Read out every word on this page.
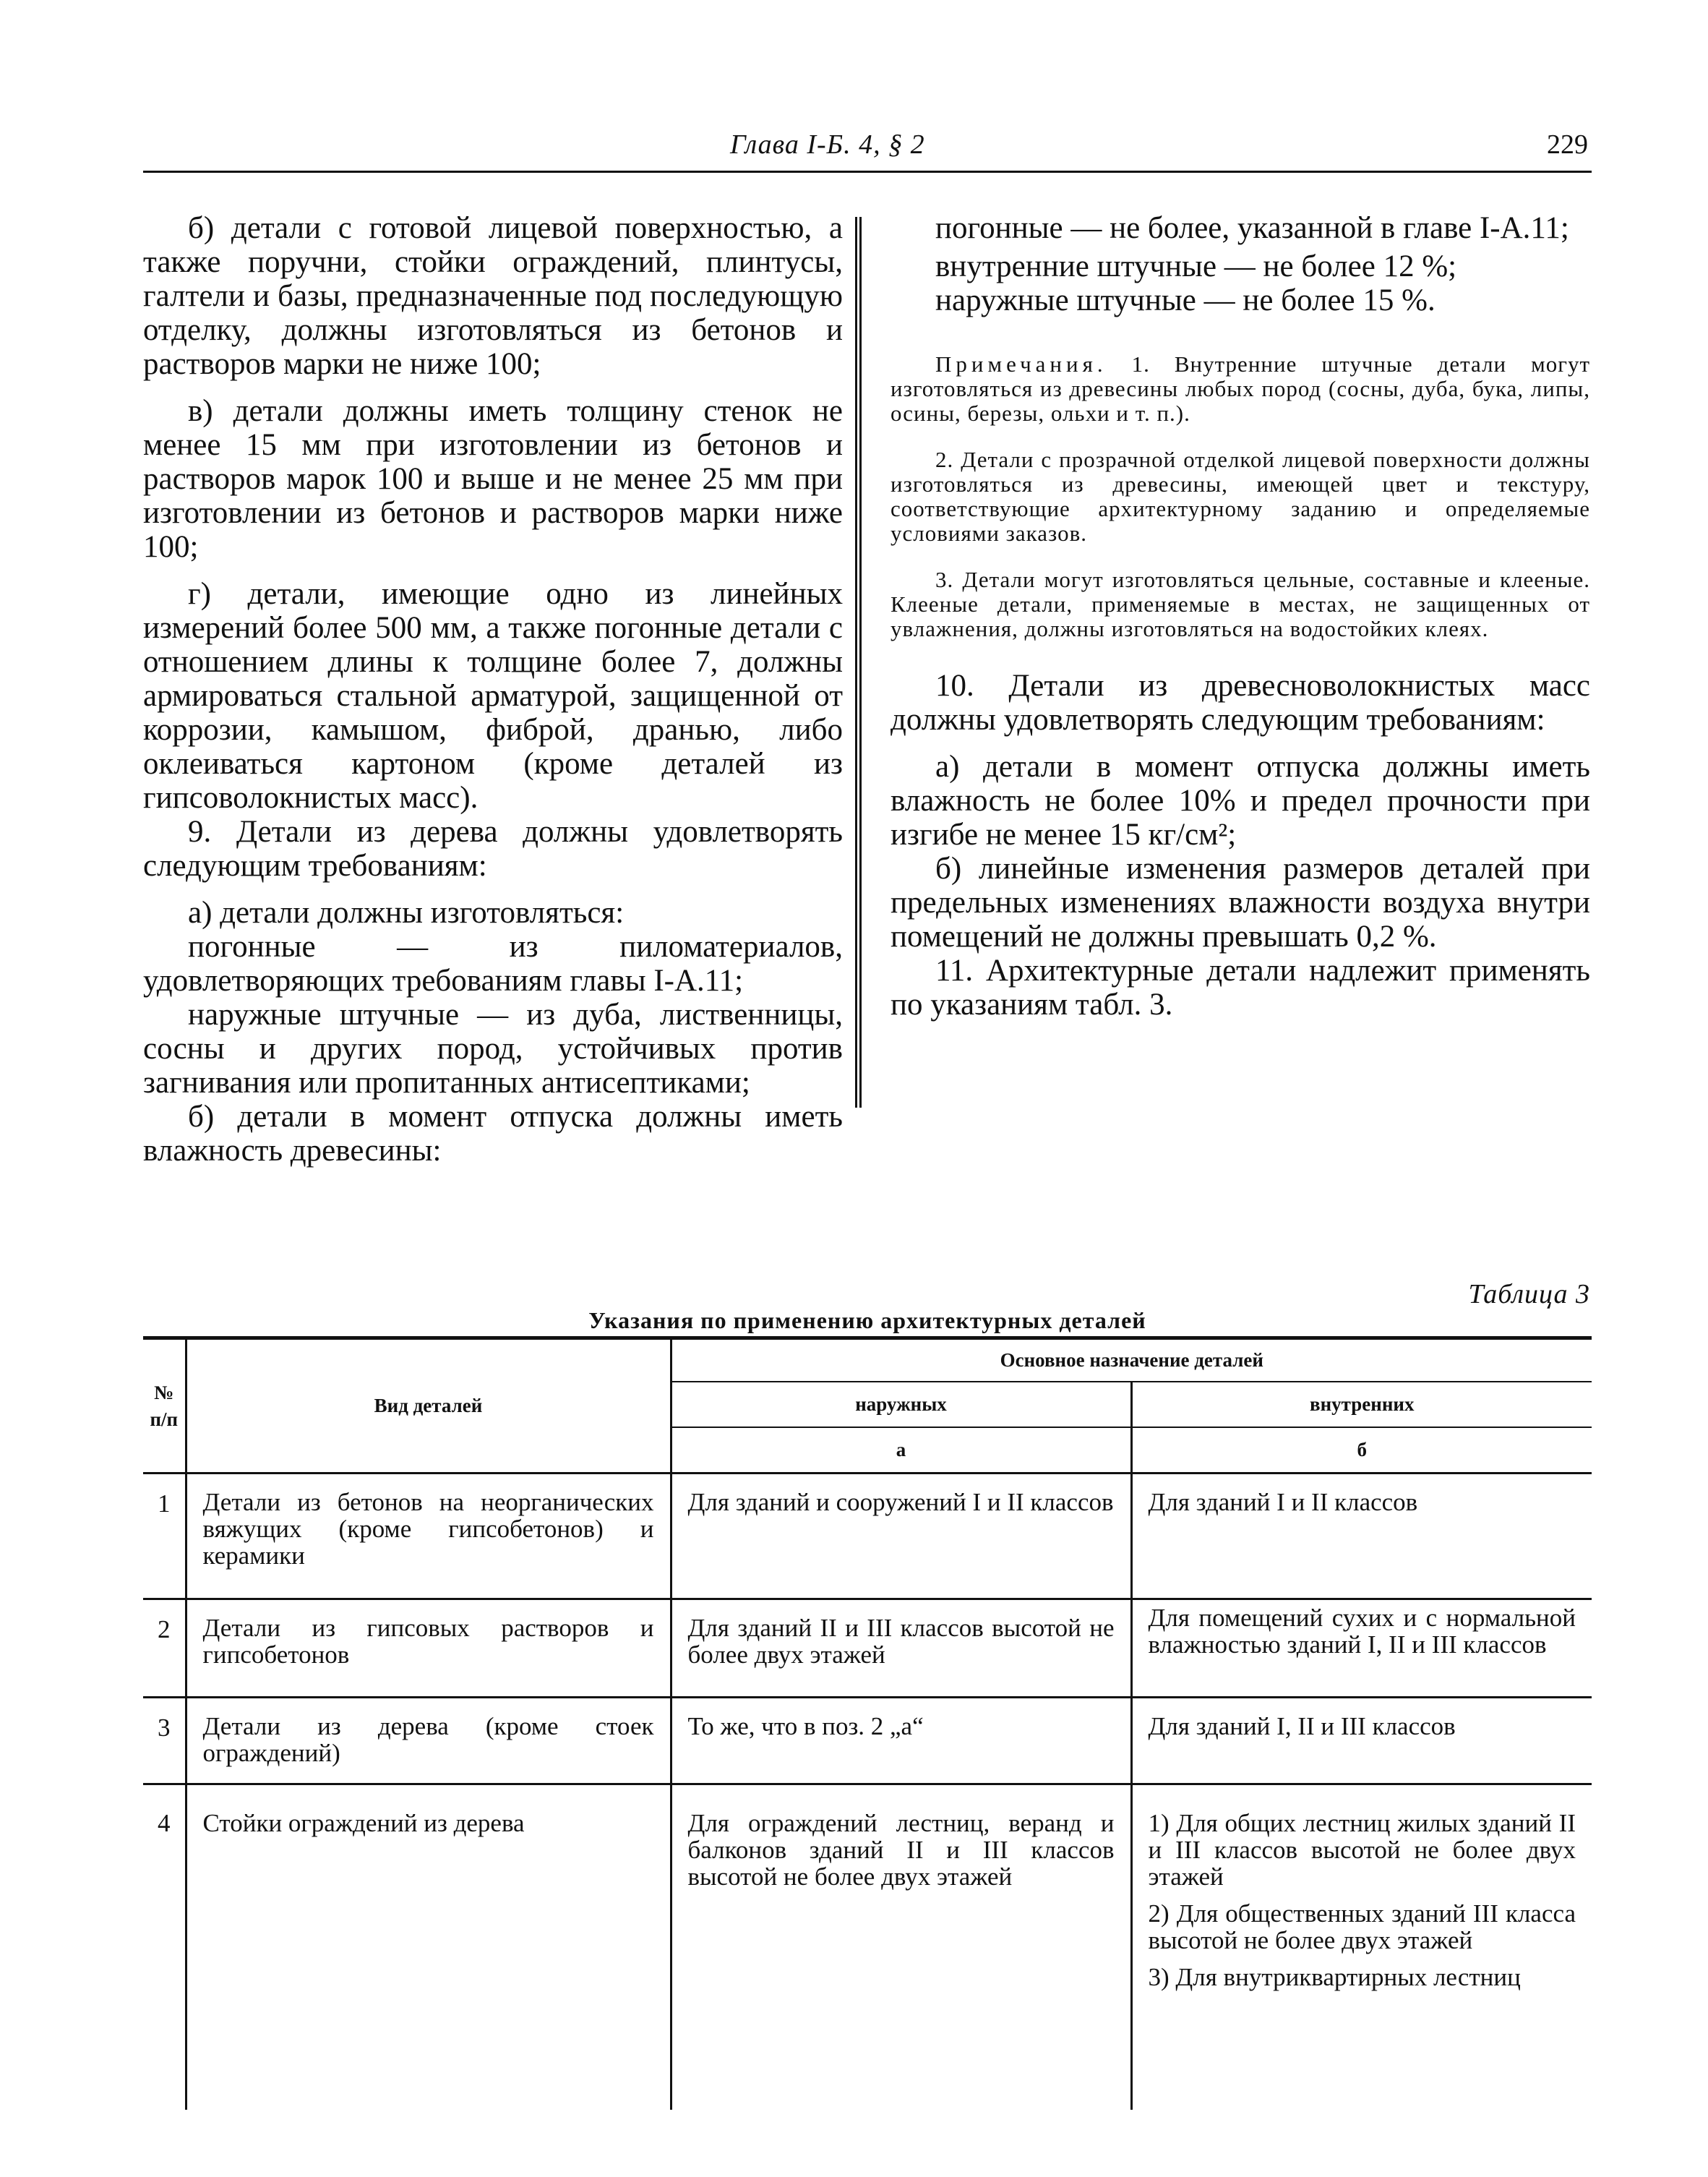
Глава I-Б. 4, § 2	229

б) детали с готовой лицевой поверхностью, а также поручни, стойки ограждений, плинтусы, галтели и базы, предназначенные под последующую отделку, должны изготовляться из бетонов и растворов марки не ниже 100;

в) детали должны иметь толщину стенок не менее 15 мм при изготовлении из бетонов и растворов марок 100 и выше и не менее 25 мм при изготовлении из бетонов и растворов марки ниже 100;

г) детали, имеющие одно из линейных измерений более 500 мм, а также погонные детали с отношением длины к толщине более 7, должны армироваться стальной арматурой, защищенной от коррозии, камышом, фиброй, дранью, либо оклеиваться картоном (кроме деталей из гипсоволокнистых масс).

9. Детали из дерева должны удовлетворять следующим требованиям:

а) детали должны изготовляться:

погонные — из пиломатериалов, удовлетворяющих требованиям главы I-А.11;

наружные штучные — из дуба, лиственницы, сосны и других пород, устойчивых против загнивания или пропитанных антисептиками;

б) детали в момент отпуска должны иметь влажность древесины:

погонные — не более, указанной в главе I-А.11;

внутренние штучные — не более 12 %;

наружные штучные — не более 15 %.

Примечания. 1. Внутренние штучные детали могут изготовляться из древесины любых пород (сосны, дуба, бука, липы, осины, березы, ольхи и т. п.).

2. Детали с прозрачной отделкой лицевой поверхности должны изготовляться из древесины, имеющей цвет и текстуру, соответствующие архитектурному заданию и определяемые условиями заказов.

3. Детали могут изготовляться цельные, составные и клееные. Клееные детали, применяемые в местах, не защищенных от увлажнения, должны изготовляться на водостойких клеях.

10. Детали из древесноволокнистых масс должны удовлетворять следующим требованиям:

а) детали в момент отпуска должны иметь влажность не более 10% и предел прочности при изгибе не менее 15 кг/см²;

б) линейные изменения размеров деталей при предельных изменениях влажности воздуха внутри помещений не должны превышать 0,2 %.

11. Архитектурные детали надлежит применять по указаниям табл. 3.

Таблица 3
Указания по применению архитектурных деталей
№ п/п	Вид деталей	Основное назначение деталей	
		наружных	внутренних
		а	б
1	Детали из бетонов на неорганических вяжущих (кроме гипсобетонов) и керамики	Для зданий и сооружений I и II классов	Для зданий I и II классов

2	Детали из гипсовых растворов и гипсобетонов	Для зданий II и III классов высотой не более двух этажей	Для помещений сухих и с нормальной влажностью зданий I, II и III классов

3	Детали из дерева (кроме стоек ограждений)	То же, что в поз. 2 „а“	Для зданий I, II и III классов

4	Стойки ограждений из дерева	Для ограждений лестниц, веранд и балконов зданий II и III классов высотой не более двух этажей	1) Для общих лестниц жилых зданий II и III классов высотой не более двух этажей

2) Для общественных зданий III класса высотой не более двух этажей

3) Для внутриквартирных лестниц
